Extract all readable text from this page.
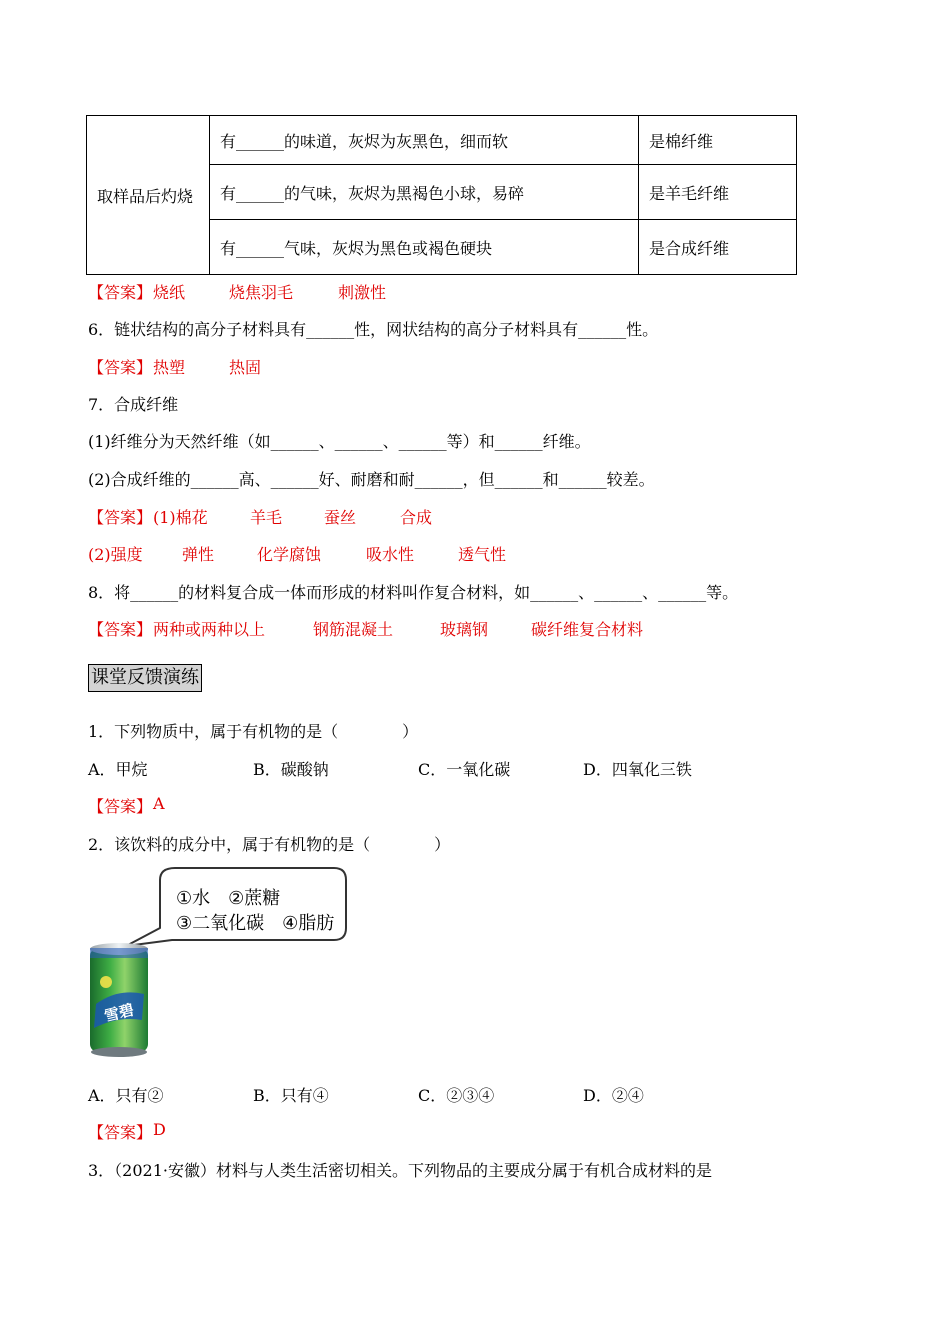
取样品后灼烧	有______的味道，灰烬为灰黑色，细而软	是棉纤维
	有______的气味，灰烬为黑褐色小球，易碎	是羊毛纤维
	有______气味，灰烬为黑色或褐色硬块	是合成纤维
【答案】 烧纸	烧焦羽毛	刺激性
6．链状结构的高分子材料具有______性，网状结构的高分子材料具有______性。
【答案】 热塑	热固
7．合成纤维
(1)纤维分为天然纤维（如______、______、______等）和______纤维。
(2)合成纤维的______高、______好、耐磨和耐______，但______和______较差。
【答案】 (1)棉花	羊毛	蚕丝	合成
(2)强度 弹性	化学腐蚀	吸水性	透气性
8．将______的材料复合成一体而形成的材料叫作复合材料，如______、______、______等。
【答案】 两种或两种以上	钢筋混凝土	玻璃钢	碳纤维复合材料
课堂反馈演练
1．下列物质中，属于有机物的是（　　　　）
A．甲烷	B．碳酸钠	C．一氧化碳	D．四氧化三铁
【答案】 A
2．该饮料的成分中，属于有机物的是（　　　　）
①水　②蔗糖
③二氧化碳　④脂肪
雪碧
A．只有②	B．只有④	C．②③④	D．②④
【答案】 D
3．（2021·安徽）材料与人类生活密切相关。下列物品的主要成分属于有机合成材料的是
